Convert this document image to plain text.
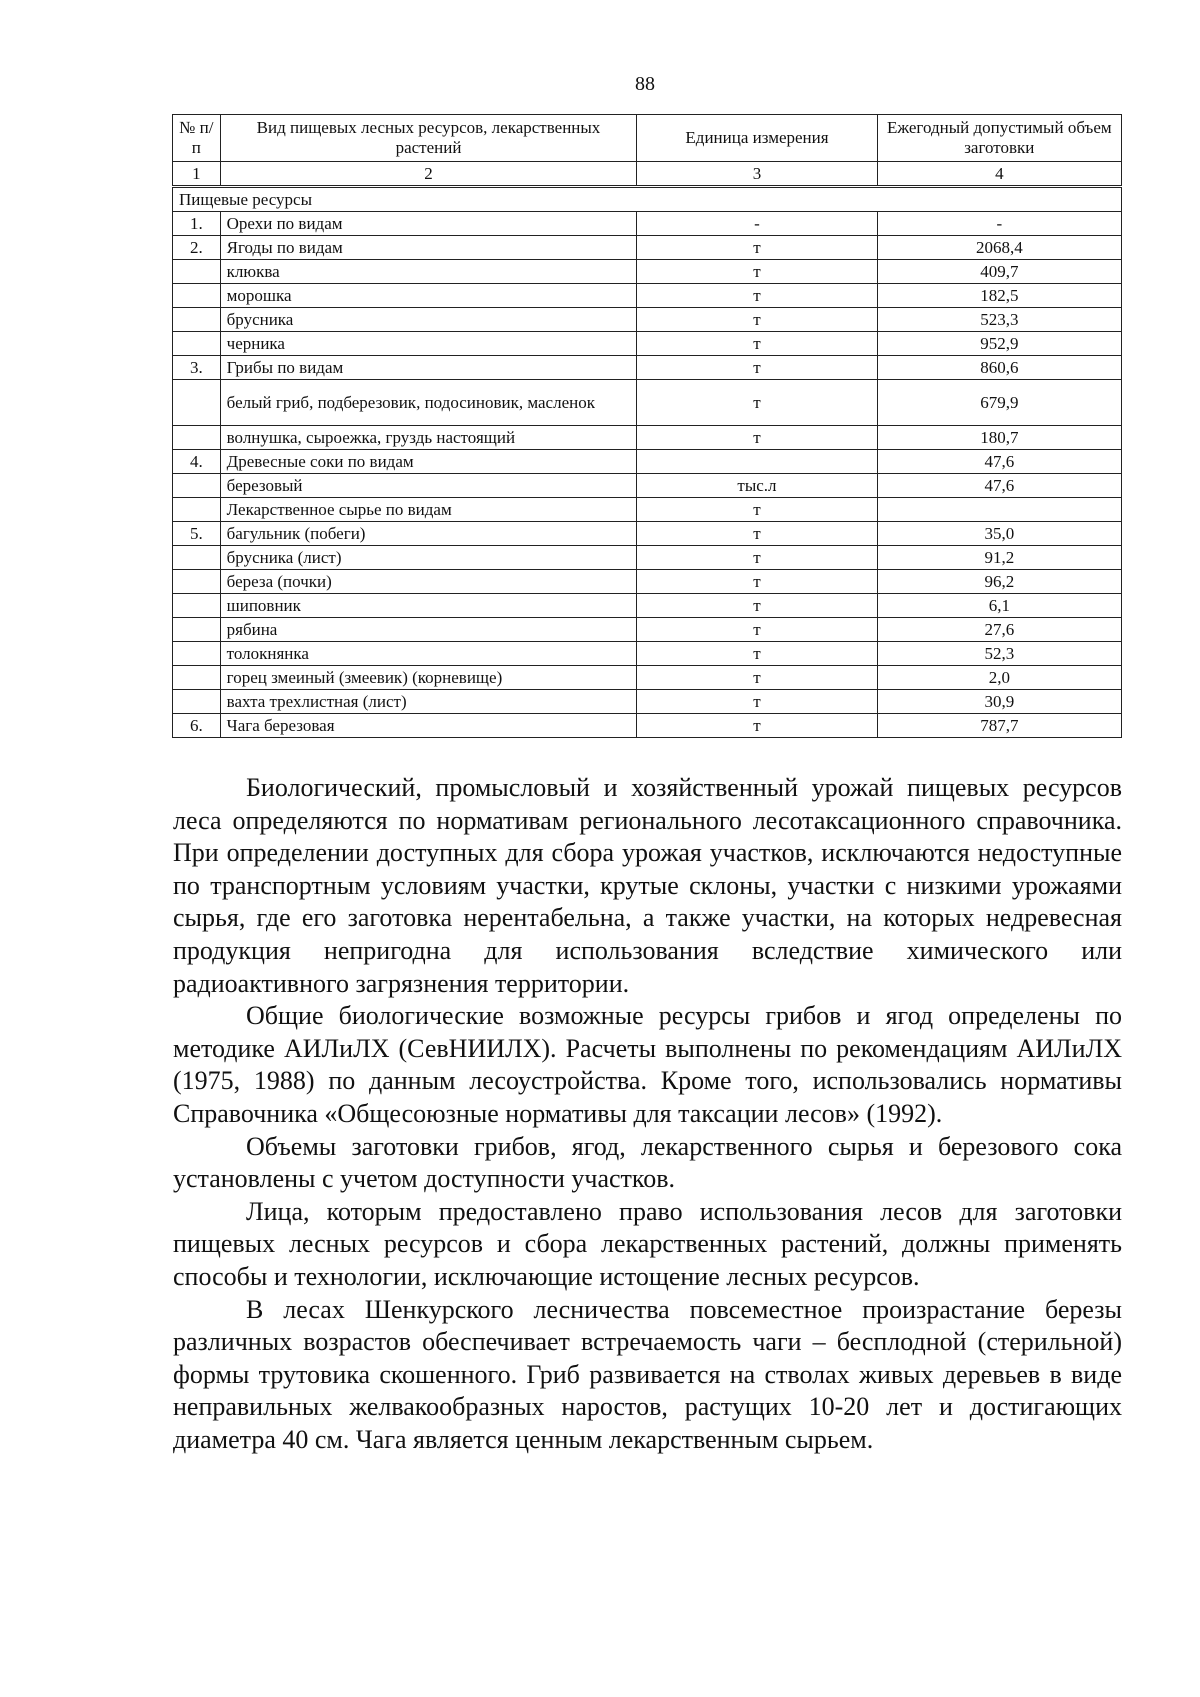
88
№ п/п	Вид пищевых лесных ресурсов, лекарственных растений	Единица измерения	Ежегодный допустимый объем заготовки
1	2	3	4
Пищевые ресурсы			
1.	Орехи по видам	-	-
2.	Ягоды по видам	т	2068,4
	клюква	т	409,7
	морошка	т	182,5
	брусника	т	523,3
	черника	т	952,9
3.	Грибы по видам	т	860,6
	белый гриб, подберезовик, подосиновик, масленок	т	679,9
	волнушка, сыроежка, груздь настоящий	т	180,7
4.	Древесные соки по видам		47,6
	березовый	тыс.л	47,6
	Лекарственное сырье по видам	т	
5.	багульник (побеги)	т	35,0
	брусника (лист)	т	91,2
	береза (почки)	т	96,2
	шиповник	т	6,1
	рябина	т	27,6
	толокнянка	т	52,3
	горец змеиный (змеевик) (корневище)	т	2,0
	вахта трехлистная (лист)	т	30,9
6.	Чага березовая	т	787,7

Биологический, промысловый и хозяйственный урожай пищевых ресурсов леса определяются по нормативам регионального лесотаксационного справочника. При определении доступных для сбора урожая участков, исключаются недоступные по транспортным условиям участки, крутые склоны, участки с низкими урожаями сырья, где его заготовка нерентабельна, а также участки, на которых недревесная продукция непригодна для использования вследствие химического или радиоактивного загрязнения территории.

Общие биологические возможные ресурсы грибов и ягод определены по методике АИЛиЛХ (СевНИИЛХ). Расчеты выполнены по рекомендациям АИЛиЛХ (1975, 1988) по данным лесоустройства. Кроме того, использовались нормативы Справочника «Общесоюзные нормативы для таксации лесов» (1992).

Объемы заготовки грибов, ягод, лекарственного сырья и березового сока установлены с учетом доступности участков.

Лица, которым предоставлено право использования лесов для заготовки пищевых лесных ресурсов и сбора лекарственных растений, должны применять способы и технологии, исключающие истощение лесных ресурсов.

В лесах Шенкурского лесничества повсеместное произрастание березы различных возрастов обеспечивает встречаемость чаги – бесплодной (стерильной) формы трутовика скошенного. Гриб развивается на стволах живых деревьев в виде неправильных желвакообразных наростов, растущих 10-20 лет и достигающих диаметра 40 см. Чага является ценным лекарственным сырьем.
